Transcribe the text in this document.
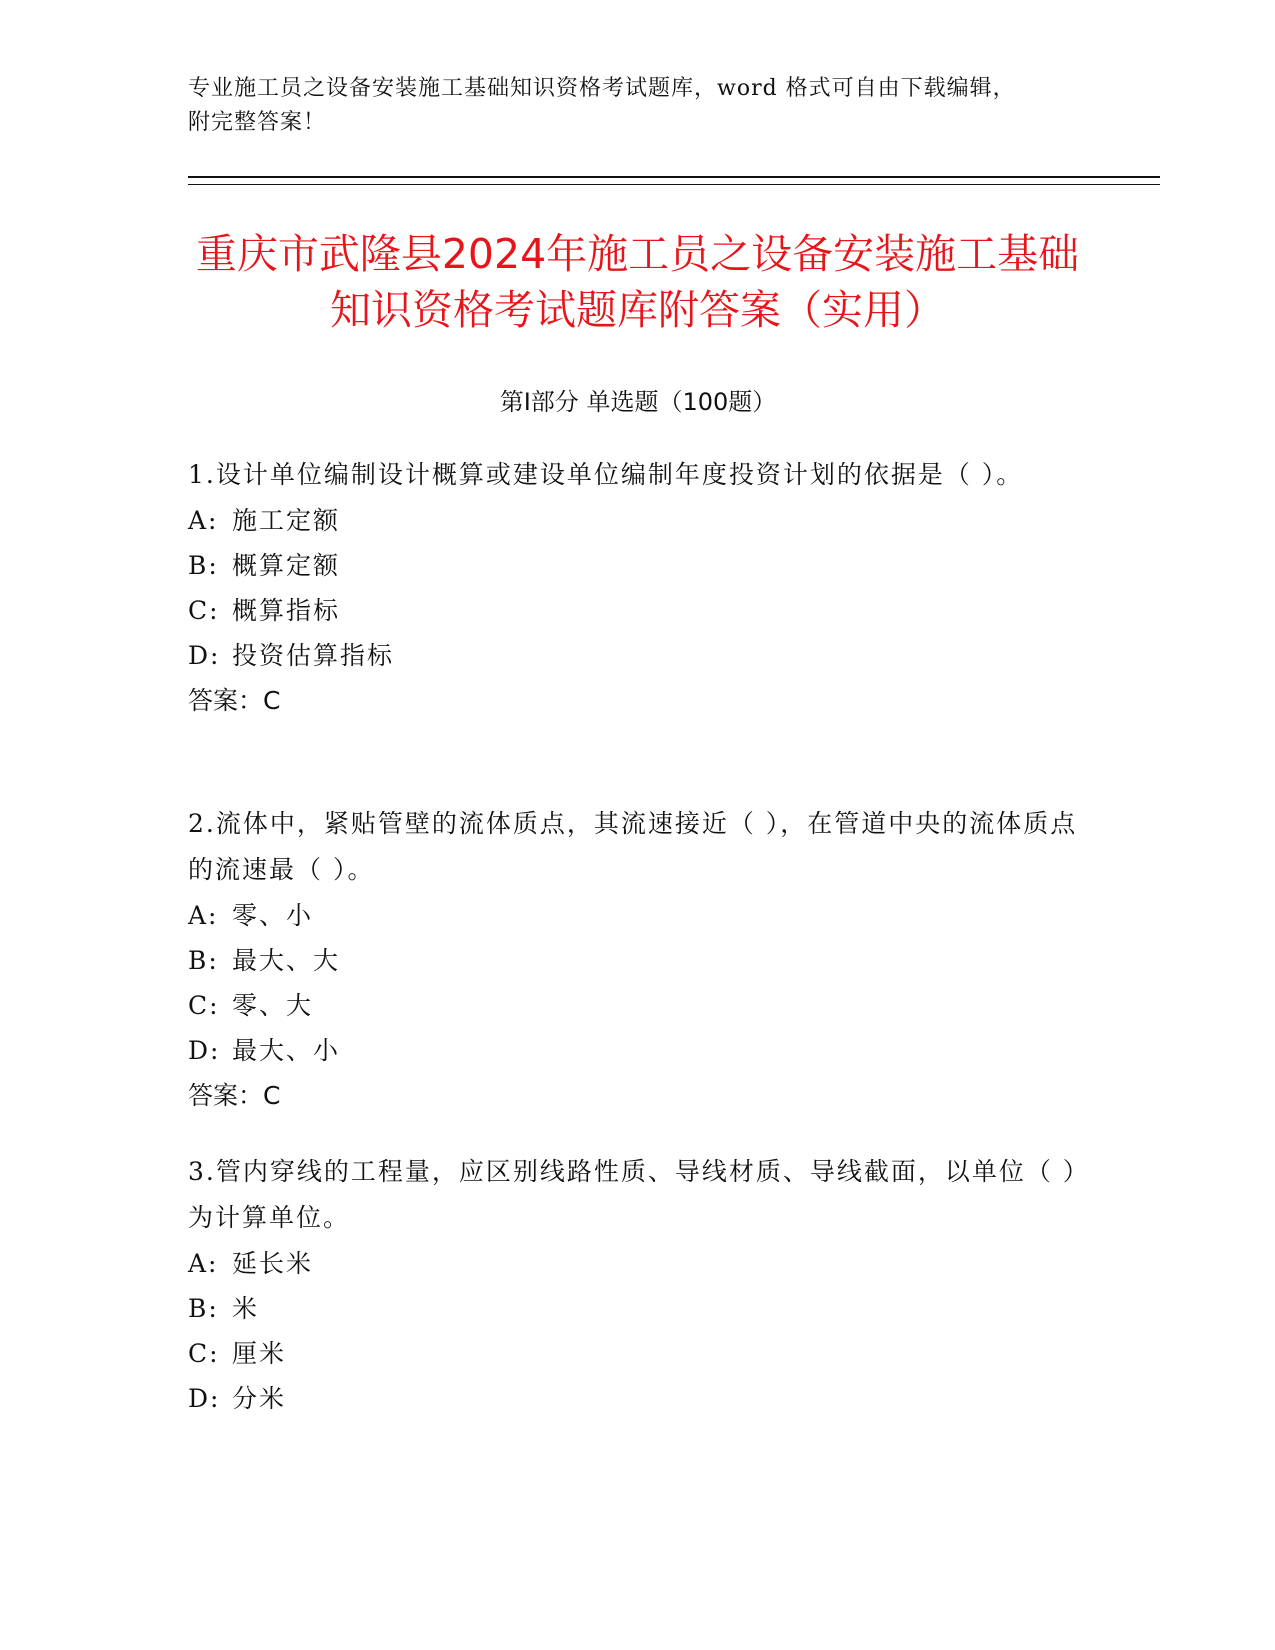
专业施工员之设备安装施工基础知识资格考试题库，word 格式可自由下载编辑，
附完整答案！
重庆市武隆县2024年施工员之设备安装施工基础知识资格考试题库附答案（实用）
第Ⅰ部分 单选题（100题）
1.设计单位编制设计概算或建设单位编制年度投资计划的依据是（ ）。
A: 施工定额
B: 概算定额
C: 概算指标
D: 投资估算指标
答案：C
2.流体中，紧贴管壁的流体质点，其流速接近（ ），在管道中央的流体质点的流速最（ ）。
A: 零、小
B: 最大、大
C: 零、大
D: 最大、小
答案：C
3.管内穿线的工程量，应区别线路性质、导线材质、导线截面，以单位（ ）为计算单位。
A: 延长米
B: 米
C: 厘米
D: 分米
